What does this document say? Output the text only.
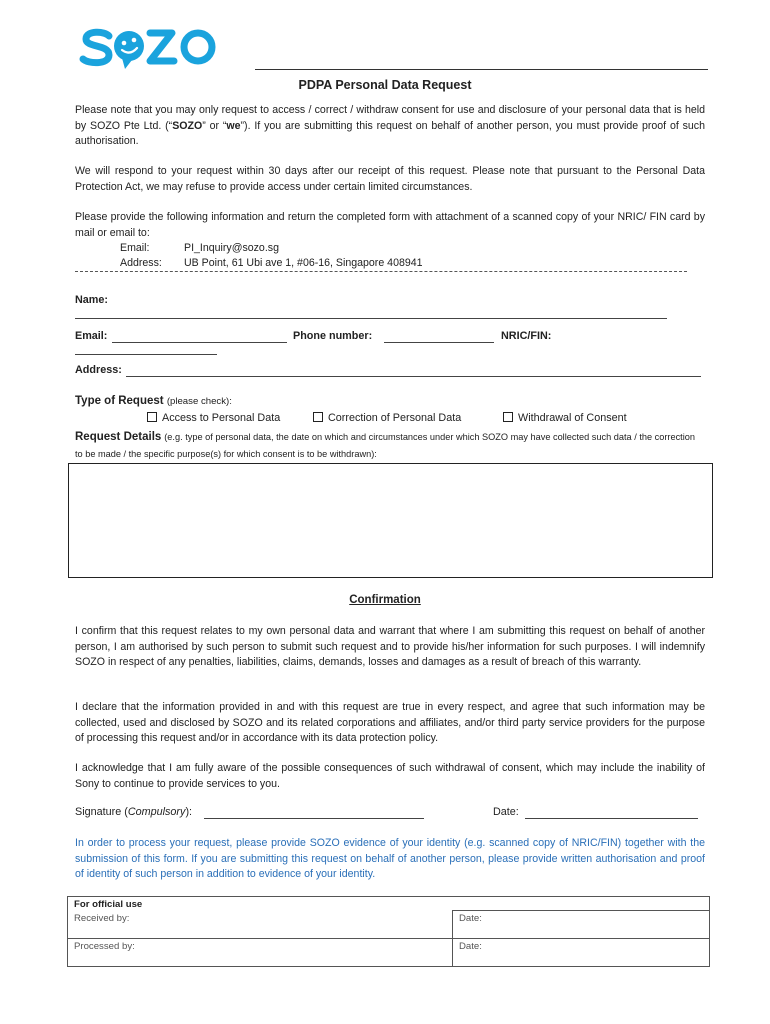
PDPA Personal Data Request
Please note that you may only request to access / correct / withdraw consent for use and disclosure of your personal data that is held by SOZO Pte Ltd. (“SOZO” or “we”). If you are submitting this request on behalf of another person, you must provide proof of such authorisation.
We will respond to your request within 30 days after our receipt of this request. Please note that pursuant to the Personal Data Protection Act, we may refuse to provide access under certain limited circumstances.
Please provide the following information and return the completed form with attachment of a scanned copy of your NRIC/ FIN card by mail or email to:
Email:	PI_Inquiry@sozo.sg
Address: UB Point, 61 Ubi ave 1, #06-16, Singapore 408941
Name:
Email:	Phone number:	NRIC/FIN:
Address:
Type of Request (please check):
Access to Personal Data	Correction of Personal Data	Withdrawal of Consent
Request Details (e.g. type of personal data, the date on which and circumstances under which SOZO may have collected such data / the correction to be made / the specific purpose(s) for which consent is to be withdrawn):
Confirmation
I confirm that this request relates to my own personal data and warrant that where I am submitting this request on behalf of another person, I am authorised by such person to submit such request and to provide his/her information for such purposes. I will indemnify SOZO in respect of any penalties, liabilities, claims, demands, losses and damages as a result of breach of this warranty.
I declare that the information provided in and with this request are true in every respect, and agree that such information may be collected, used and disclosed by SOZO and its related corporations and affiliates, and/or third party service providers for the purpose of processing this request and/or in accordance with its data protection policy.
I acknowledge that I am fully aware of the possible consequences of such withdrawal of consent, which may include the inability of Sony to continue to provide services to you.
Signature (Compulsory):	Date:
In order to process your request, please provide SOZO evidence of your identity (e.g. scanned copy of NRIC/FIN) together with the submission of this form. If you are submitting this request on behalf of another person, please provide written authorisation and proof of identity of such person in addition to evidence of your identity.
For official use	
Received by:	Date:
Processed by:	Date:
